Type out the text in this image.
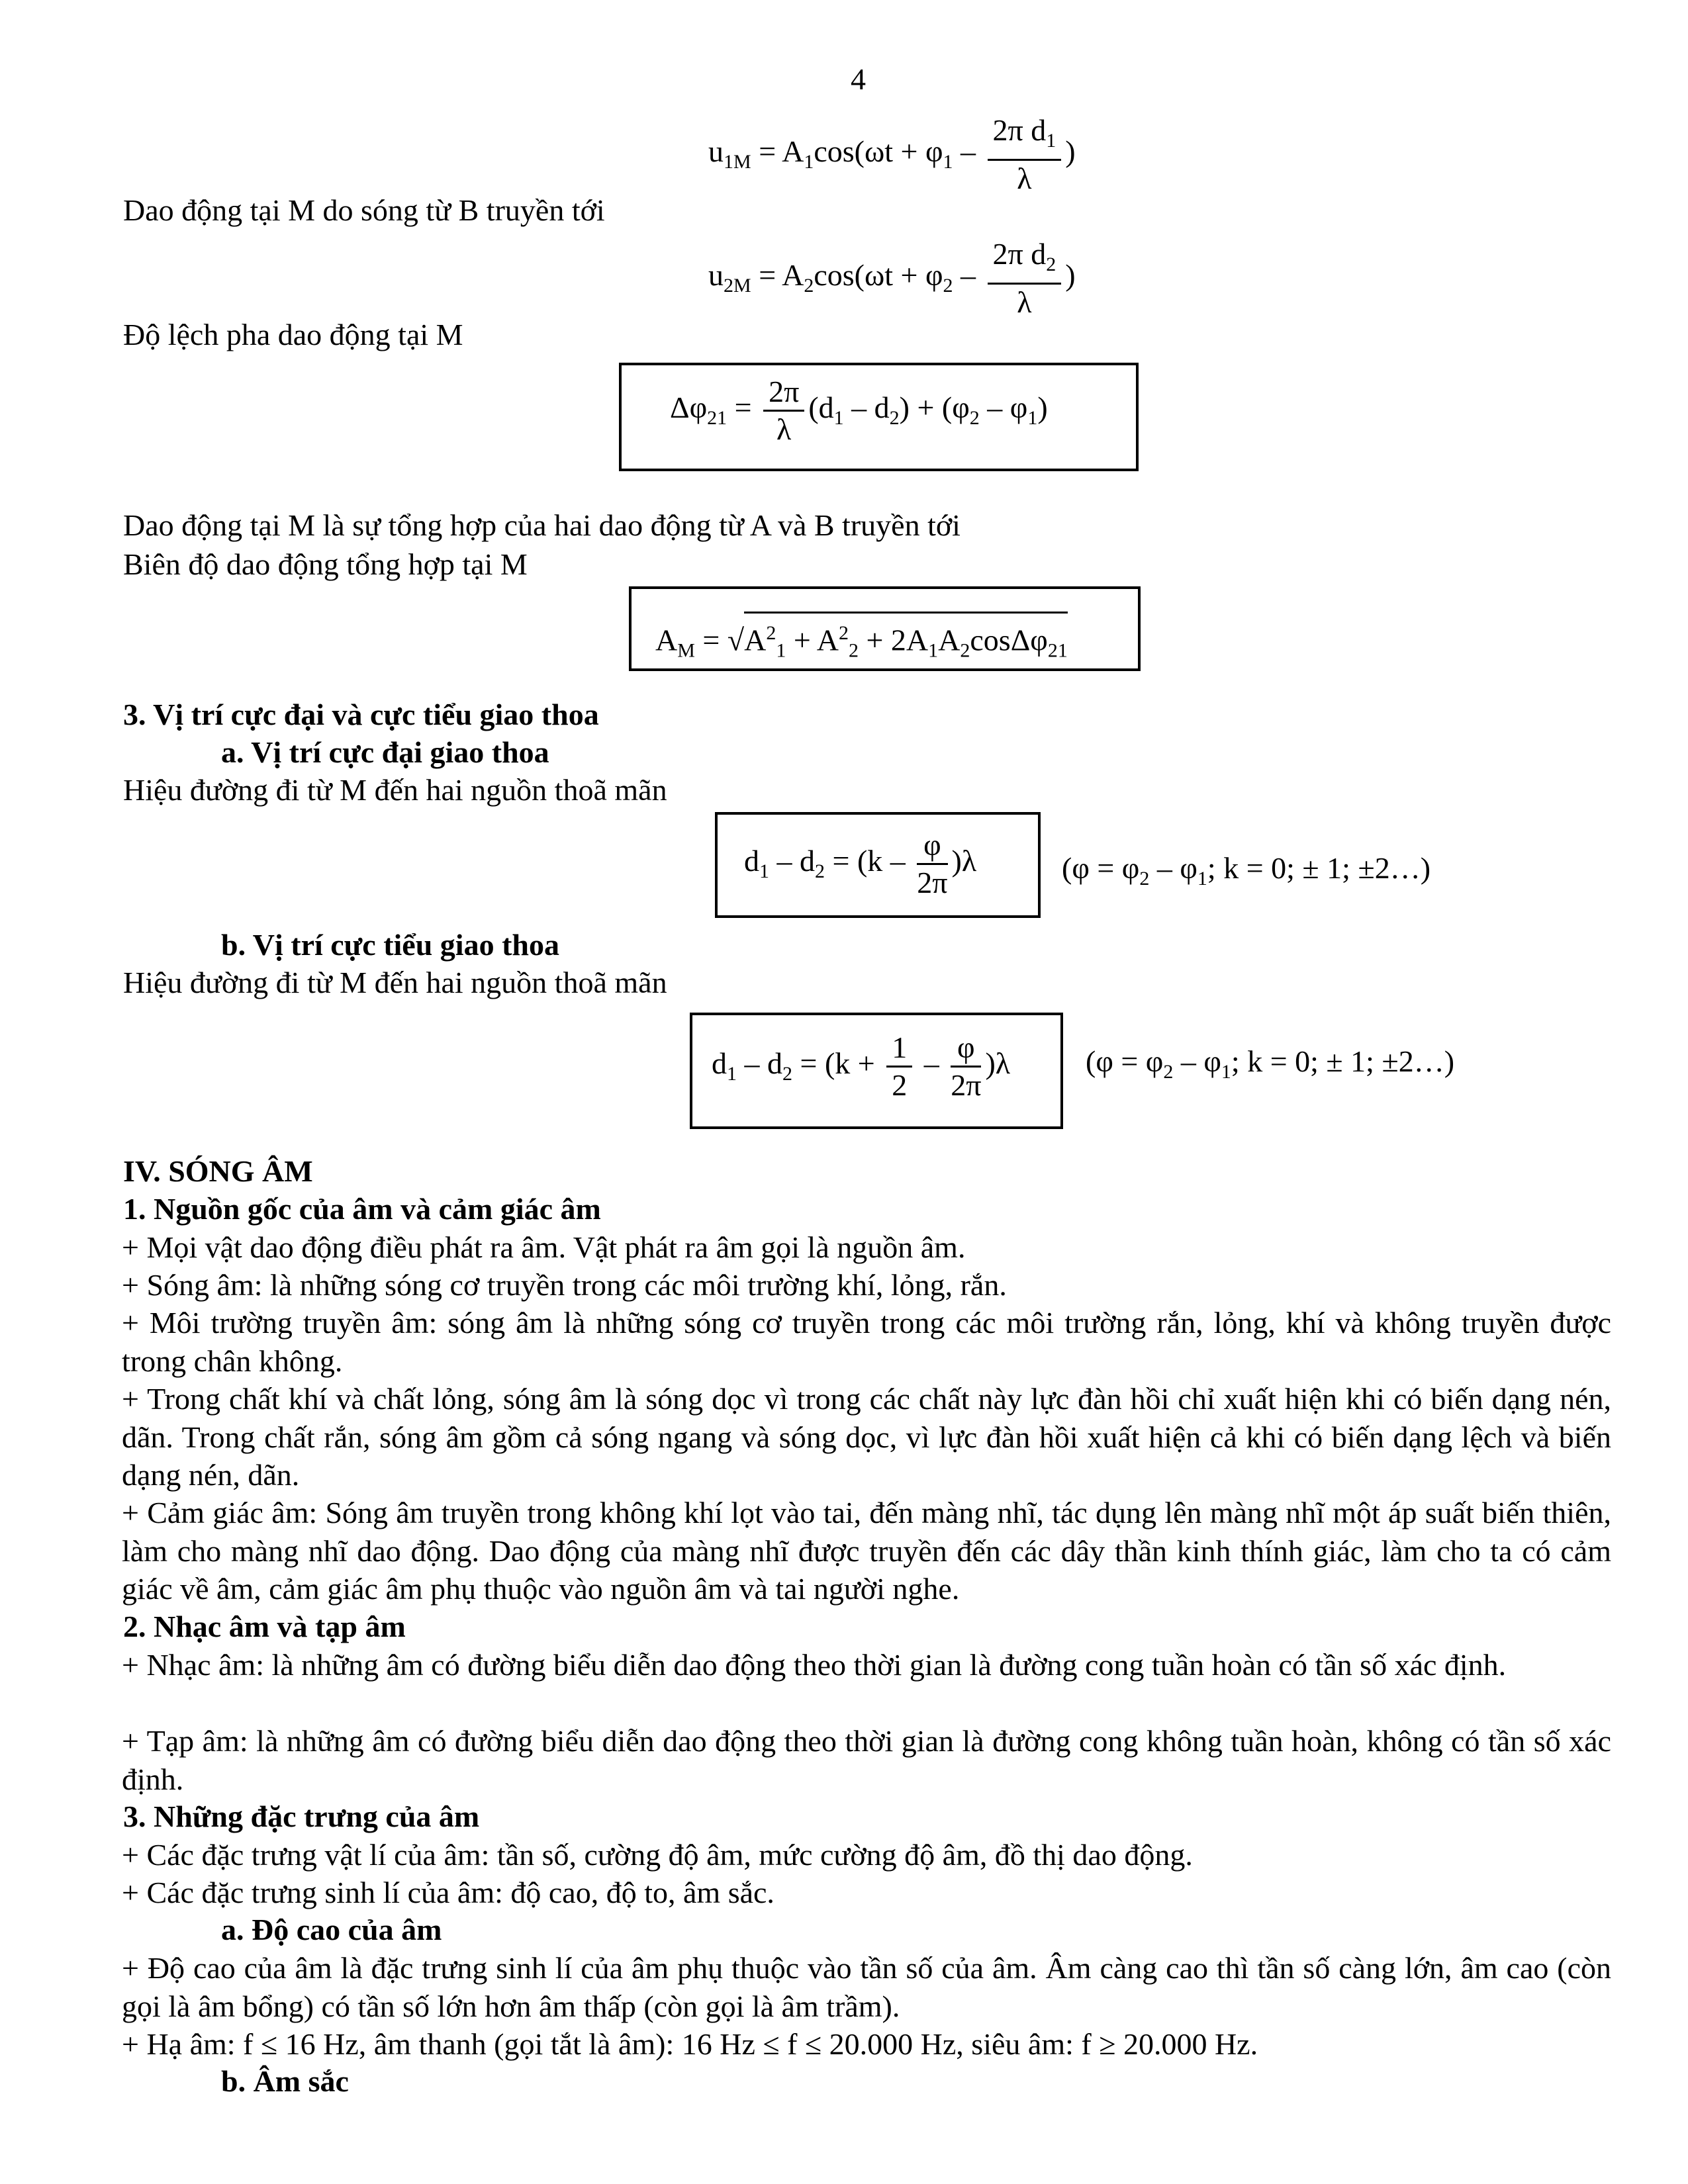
4
$u_{1M} = A_1\cos(\omega t + \varphi_1 - \frac{2\pi d_1}{\lambda}$ )
Dao động tại M do sóng từ B truyền tới
$u_{2M} = A_2\cos(\omega t + \varphi_2 - \frac{2\pi d_2}{\lambda}$ )
Độ lệch pha dao động tại M
$\Delta\varphi_{21} = \frac{2\pi}{\lambda} (d_1 - d_2) + (\varphi_2 - \varphi_1)$
Dao động tại M là sự tổng hợp của hai dao động từ A và B truyền tới
Biên độ dao động tổng hợp tại M
$A_M = √A^2_1 + A^2_2 + 2A_1A_2\cos\Delta\varphi_{21}$
3. Vị trí cực đại và cực tiểu giao thoa
a. Vị trí cực đại giao thoa
Hiệu đường đi từ M đến hai nguồn thoã mãn
$d_1 - d_2 = (k - \frac{\varphi}{2\pi} )\lambda$	($\varphi = \varphi_2 - \varphi_1$; k = 0; ± 1; ±2…)
b. Vị trí cực tiểu giao thoa
Hiệu đường đi từ M đến hai nguồn thoã mãn
$d_1 - d_2 = (k + \frac{1}{2} - \frac{\varphi}{2\pi} )\lambda$ ($\varphi = \varphi_2 - \varphi_1$; k = 0; ± 1; ±2…)
IV. SÓNG ÂM
1. Nguồn gốc của âm và cảm giác âm
+ Mọi vật dao động điều phát ra âm. Vật phát ra âm gọi là nguồn âm.
+ Sóng âm: là những sóng cơ truyền trong các môi trường khí, lỏng, rắn.
+ Môi trường truyền âm: sóng âm là những sóng cơ truyền trong các môi trường rắn, lỏng, khí và không truyền được trong chân không.
+ Trong chất khí và chất lỏng, sóng âm là sóng dọc vì trong các chất này lực đàn hồi chỉ xuất hiện khi có biến dạng nén, dãn. Trong chất rắn, sóng âm gồm cả sóng ngang và sóng dọc, vì lực đàn hồi xuất hiện cả khi có biến dạng lệch và biến dạng nén, dãn.
+ Cảm giác âm: Sóng âm truyền trong không khí lọt vào tai, đến màng nhĩ, tác dụng lên màng nhĩ một áp suất biến thiên, làm cho màng nhĩ dao động. Dao động của màng nhĩ được truyền đến các dây thần kinh thính giác, làm cho ta có cảm giác về âm, cảm giác âm phụ thuộc vào nguồn âm và tai người nghe.
2. Nhạc âm và tạp âm
+ Nhạc âm: là những âm có đường biểu diễn dao động theo thời gian là đường cong tuần hoàn có tần số xác định.
+ Tạp âm: là những âm có đường biểu diễn dao động theo thời gian là đường cong không tuần hoàn, không có tần số xác định.
3. Những đặc trưng của âm
+ Các đặc trưng vật lí của âm: tần số, cường độ âm, mức cường độ âm, đồ thị dao động.
+ Các đặc trưng sinh lí của âm: độ cao, độ to, âm sắc.
a. Độ cao của âm
+ Độ cao của âm là đặc trưng sinh lí của âm phụ thuộc vào tần số của âm. Âm càng cao thì tần số càng lớn, âm cao (còn gọi là âm bổng) có tần số lớn hơn âm thấp (còn gọi là âm trầm).
+ Hạ âm: f ≤ 16 Hz, âm thanh (gọi tắt là âm): 16 Hz ≤ f ≤ 20.000 Hz, siêu âm: f ≥ 20.000 Hz.
b. Âm sắc
